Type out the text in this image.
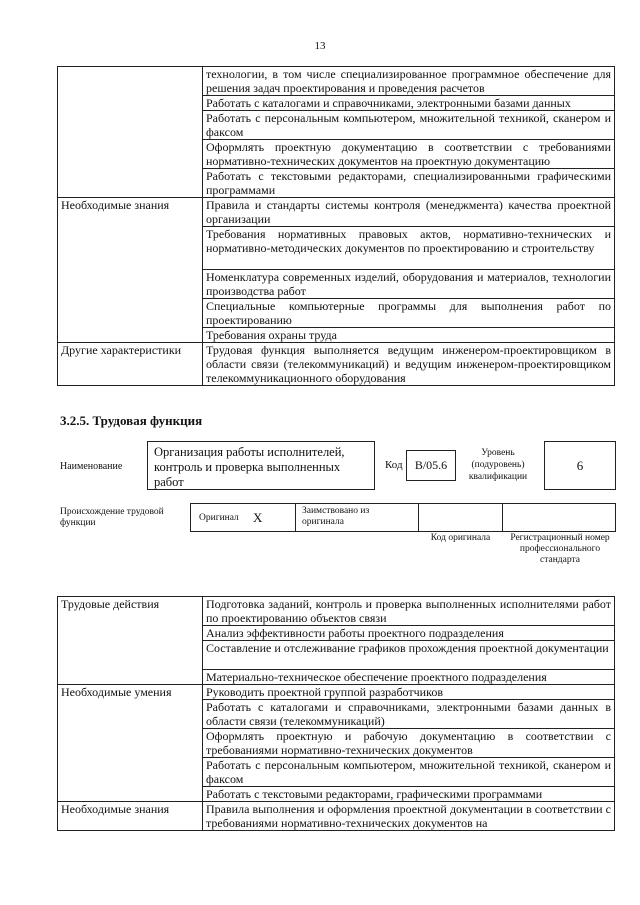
13
	технологии, в том числе специализированное программное обеспечение для решения задач проектирования и проведения расчетов
	Работать с каталогами и справочниками, электронными базами данных
	Работать с персональным компьютером, множительной техникой, сканером и факсом
	Оформлять проектную документацию в соответствии с требованиями нормативно-технических документов на проектную документацию
	Работать с текстовыми редакторами, специализированными графическими программами
Необходимые знания	Правила и стандарты системы контроля (менеджмента) качества проектной организации
	Требования нормативных правовых актов, нормативно-технических и нормативно-методических документов по проектированию и строительству
	Номенклатура современных изделий, оборудования и материалов, технологии производства работ
	Специальные компьютерные программы для выполнения работ по проектированию
	Требования охраны труда
Другие характеристики	Трудовая функция выполняется ведущим инженером-проектировщиком в области связи (телекоммуникаций) и ведущим инженером-проектировщиком телекоммуникационного оборудования
3.2.5. Трудовая функция
Наименование
Организация работы исполнителей, контроль и проверка выполненных работ
Код	B/05.6
Уровень (подуровень) квалификации
6
Происхождение трудовой функции	Оригинал X	Заимствовано из оригинала
Код оригинала	Регистрационный номер профессионального стандарта
Трудовые действия	Подготовка заданий, контроль и проверка выполненных исполнителями работ по проектированию объектов связи
	Анализ эффективности работы проектного подразделения
	Составление и отслеживание графиков прохождения проектной документации
	Материально-техническое обеспечение проектного подразделения
Необходимые умения	Руководить проектной группой разработчиков
	Работать с каталогами и справочниками, электронными базами данных в области связи (телекоммуникаций)
	Оформлять проектную и рабочую документацию в соответствии с требованиями нормативно-технических документов
	Работать с персональным компьютером, множительной техникой, сканером и факсом
	Работать с текстовыми редакторами, графическими программами
Необходимые знания	Правила выполнения и оформления проектной документации в соответствии с требованиями нормативно-технических документов на
